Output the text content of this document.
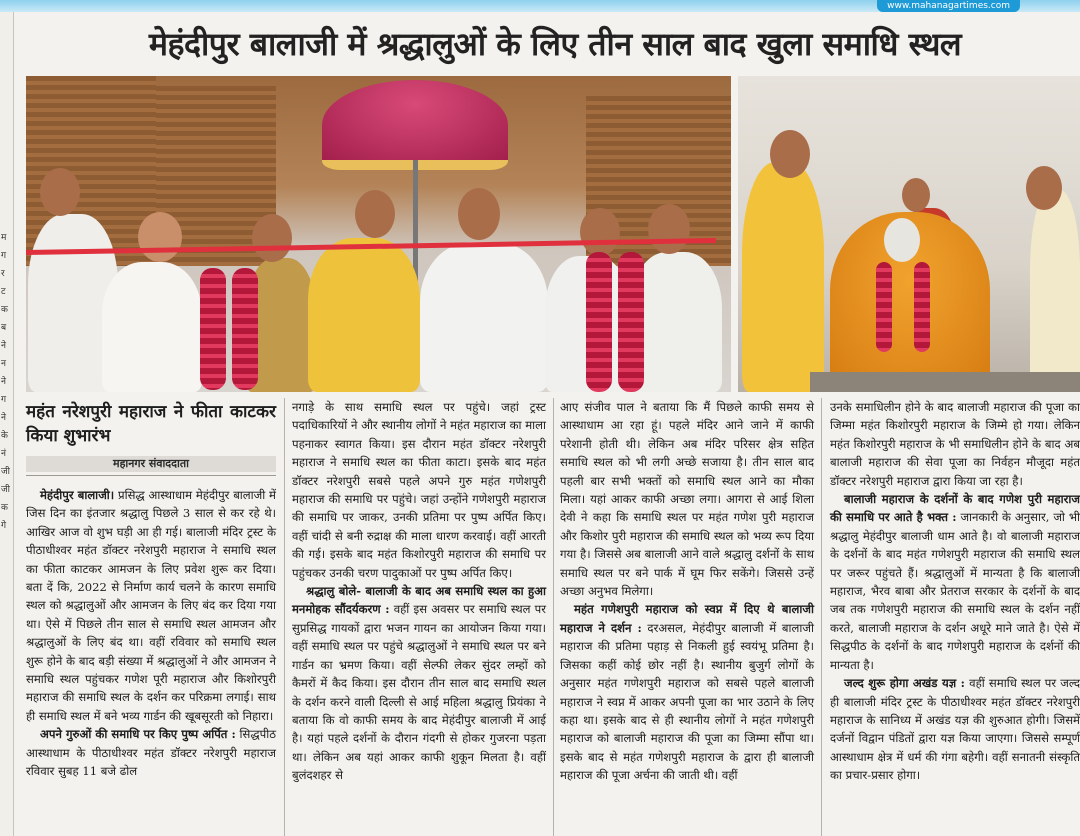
www.mahanagartimes.com
म
ग
र
ट
क
ब
ने
न
ने
ग
ने
के
नं
जी
जी
क
गे
मेहंदीपुर बालाजी में श्रद्धालुओं के लिए तीन साल बाद खुला समाधि स्थल
महंत नरेशपुरी महाराज ने फीता काटकर किया शुभारंभ
महानगर संवाददाता

मेहंदीपुर बालाजी। प्रसिद्ध आस्थाधाम मेहंदीपुर बालाजी में जिस दिन का इंतजार श्रद्धालु पिछले 3 साल से कर रहे थे। आखिर आज वो शुभ घड़ी आ ही गई। बालाजी मंदिर ट्रस्ट के पीठाधीश्वर महंत डॉक्टर नरेशपुरी महाराज ने समाधि स्थल का फीता काटकर आमजन के लिए प्रवेश शुरू कर दिया। बता दें कि, 2022 से निर्माण कार्य चलने के कारण समाधि स्थल को श्रद्धालुओं और आमजन के लिए बंद कर दिया गया था। ऐसे में पिछले तीन साल से समाधि स्थल आमजन और श्रद्धालुओं के लिए बंद था। वहीं रविवार को समाधि स्थल शुरू होने के बाद बड़ी संख्या में श्रद्धालुओं ने और आमजन ने समाधि स्थल पहुंचकर गणेश पूरी महाराज और किशोरपुरी महाराज की समाधि स्थल के दर्शन कर परिक्रमा लगाई। साथ ही समाधि स्थल में बने भव्य गार्डन की खूबसूरती को निहारा।

अपने गुरुओं की समाधि पर किए पुष्प अर्पित : सिद्धपीठ आस्थाधाम के पीठाधीश्वर महंत डॉक्टर नरेशपुरी महाराज रविवार सुबह 11 बजे ढोल

नगाड़े के साथ समाधि स्थल पर पहुंचे। जहां ट्रस्ट पदाधिकारियों ने और स्थानीय लोगों ने महंत महाराज का माला पहनाकर स्वागत किया। इस दौरान महंत डॉक्टर नरेशपुरी महाराज ने समाधि स्थल का फीता काटा। इसके बाद महंत डॉक्टर नरेशपुरी सबसे पहले अपने गुरु महंत गणेशपुरी महाराज की समाधि पर पहुंचे। जहां उन्होंने गणेशपुरी महाराज की समाधि पर जाकर, उनकी प्रतिमा पर पुष्प अर्पित किए। वहीं चांदी से बनी रुद्राक्ष की माला धारण करवाई। वहीं आरती की गई। इसके बाद महंत किशोरपुरी महाराज की समाधि पर पहुंचकर उनकी चरण पादुकाओं पर पुष्प अर्पित किए।

श्रद्धालु बोले- बालाजी के बाद अब समाधि स्थल का हुआ मनमोहक सौंदर्यकरण : वहीं इस अवसर पर समाधि स्थल पर सुप्रसिद्ध गायकों द्वारा भजन गायन का आयोजन किया गया। वहीं समाधि स्थल पर पहुंचे श्रद्धालुओं ने समाधि स्थल पर बने गार्डन का भ्रमण किया। वहीं सेल्फी लेकर सुंदर लम्हों को कैमरों में कैद किया। इस दौरान तीन साल बाद समाधि स्थल के दर्शन करने वाली दिल्ली से आई महिला श्रद्धालु प्रियंका ने बताया कि वो काफी समय के बाद मेहंदीपुर बालाजी में आई है। यहां पहले दर्शनों के दौरान गंदगी से होकर गुजरना पड़ता था। लेकिन अब यहां आकर काफी शुकून मिलता है। वहीं बुलंदशहर से

आए संजीव पाल ने बताया कि मैं पिछले काफी समय से आस्थाधाम आ रहा हूं। पहले मंदिर आने जाने में काफी परेशानी होती थी। लेकिन अब मंदिर परिसर क्षेत्र सहित समाधि स्थल को भी लगी अच्छे सजाया है। तीन साल बाद पहली बार सभी भक्तों को समाधि स्थल आने का मौका मिला। यहां आकर काफी अच्छा लगा। आगरा से आई शिला देवी ने कहा कि समाधि स्थल पर महंत गणेश पुरी महाराज और किशोर पुरी महाराज की समाधि स्थल को भव्य रूप दिया गया है। जिससे अब बालाजी आने वाले श्रद्धालु दर्शनों के साथ समाधि स्थल पर बने पार्क में घूम फिर सकेंगे। जिससे उन्हें अच्छा अनुभव मिलेगा।

महंत गणेशपुरी महाराज को स्वप्न में दिए थे बालाजी महाराज ने दर्शन : दरअसल, मेहंदीपुर बालाजी में बालाजी महाराज की प्रतिमा पहाड़ से निकली हुई स्वयंभू प्रतिमा है। जिसका कहीं कोई छोर नहीं है। स्थानीय बुजुर्ग लोगों के अनुसार महंत गणेशपुरी महाराज को सबसे पहले बालाजी महाराज ने स्वप्न में आकर अपनी पूजा का भार उठाने के लिए कहा था। इसके बाद से ही स्थानीय लोगों ने महंत गणेशपुरी महाराज को बालाजी महाराज की पूजा का जिम्मा सौंपा था। इसके बाद से महंत गणेशपुरी महाराज के द्वारा ही बालाजी महाराज की पूजा अर्चना की जाती थी। वहीं

उनके समाधिलीन होने के बाद बालाजी महाराज की पूजा का जिम्मा महंत किशोरपुरी महाराज के जिम्मे हो गया। लेकिन महंत किशोरपुरी महाराज के भी समाधिलीन होने के बाद अब बालाजी महाराज की सेवा पूजा का निर्वहन मौजूदा महंत डॉक्टर नरेशपुरी महाराज द्वारा किया जा रहा है।

बालाजी महाराज के दर्शनों के बाद गणेश पुरी महाराज की समाधि पर आते है भक्त : जानकारी के अनुसार, जो भी श्रद्धालु मेहंदीपुर बालाजी धाम आते है। वो बालाजी महाराज के दर्शनों के बाद महंत गणेशपुरी महाराज की समाधि स्थल पर जरूर पहुंचते हैं। श्रद्धालुओं में मान्यता है कि बालाजी महाराज, भैरव बाबा और प्रेतराज सरकार के दर्शनों के बाद जब तक गणेशपुरी महाराज की समाधि स्थल के दर्शन नहीं करते, बालाजी महाराज के दर्शन अधूरे माने जाते है। ऐसे में सिद्धपीठ के दर्शनों के बाद गणेशपुरी महाराज के दर्शनों की मान्यता है।

जल्द शुरू होगा अखंड यज्ञ : वहीं समाधि स्थल पर जल्द ही बालाजी मंदिर ट्रस्ट के पीठाधीश्वर महंत डॉक्टर नरेशपुरी महाराज के सानिध्य में अखंड यज्ञ की शुरुआत होगी। जिसमें दर्जनों विद्वान पंडितों द्वारा यज्ञ किया जाएगा। जिससे सम्पूर्ण आस्थाधाम क्षेत्र में धर्म की गंगा बहेगी। वहीं सनातनी संस्कृति का प्रचार-प्रसार होगा।
